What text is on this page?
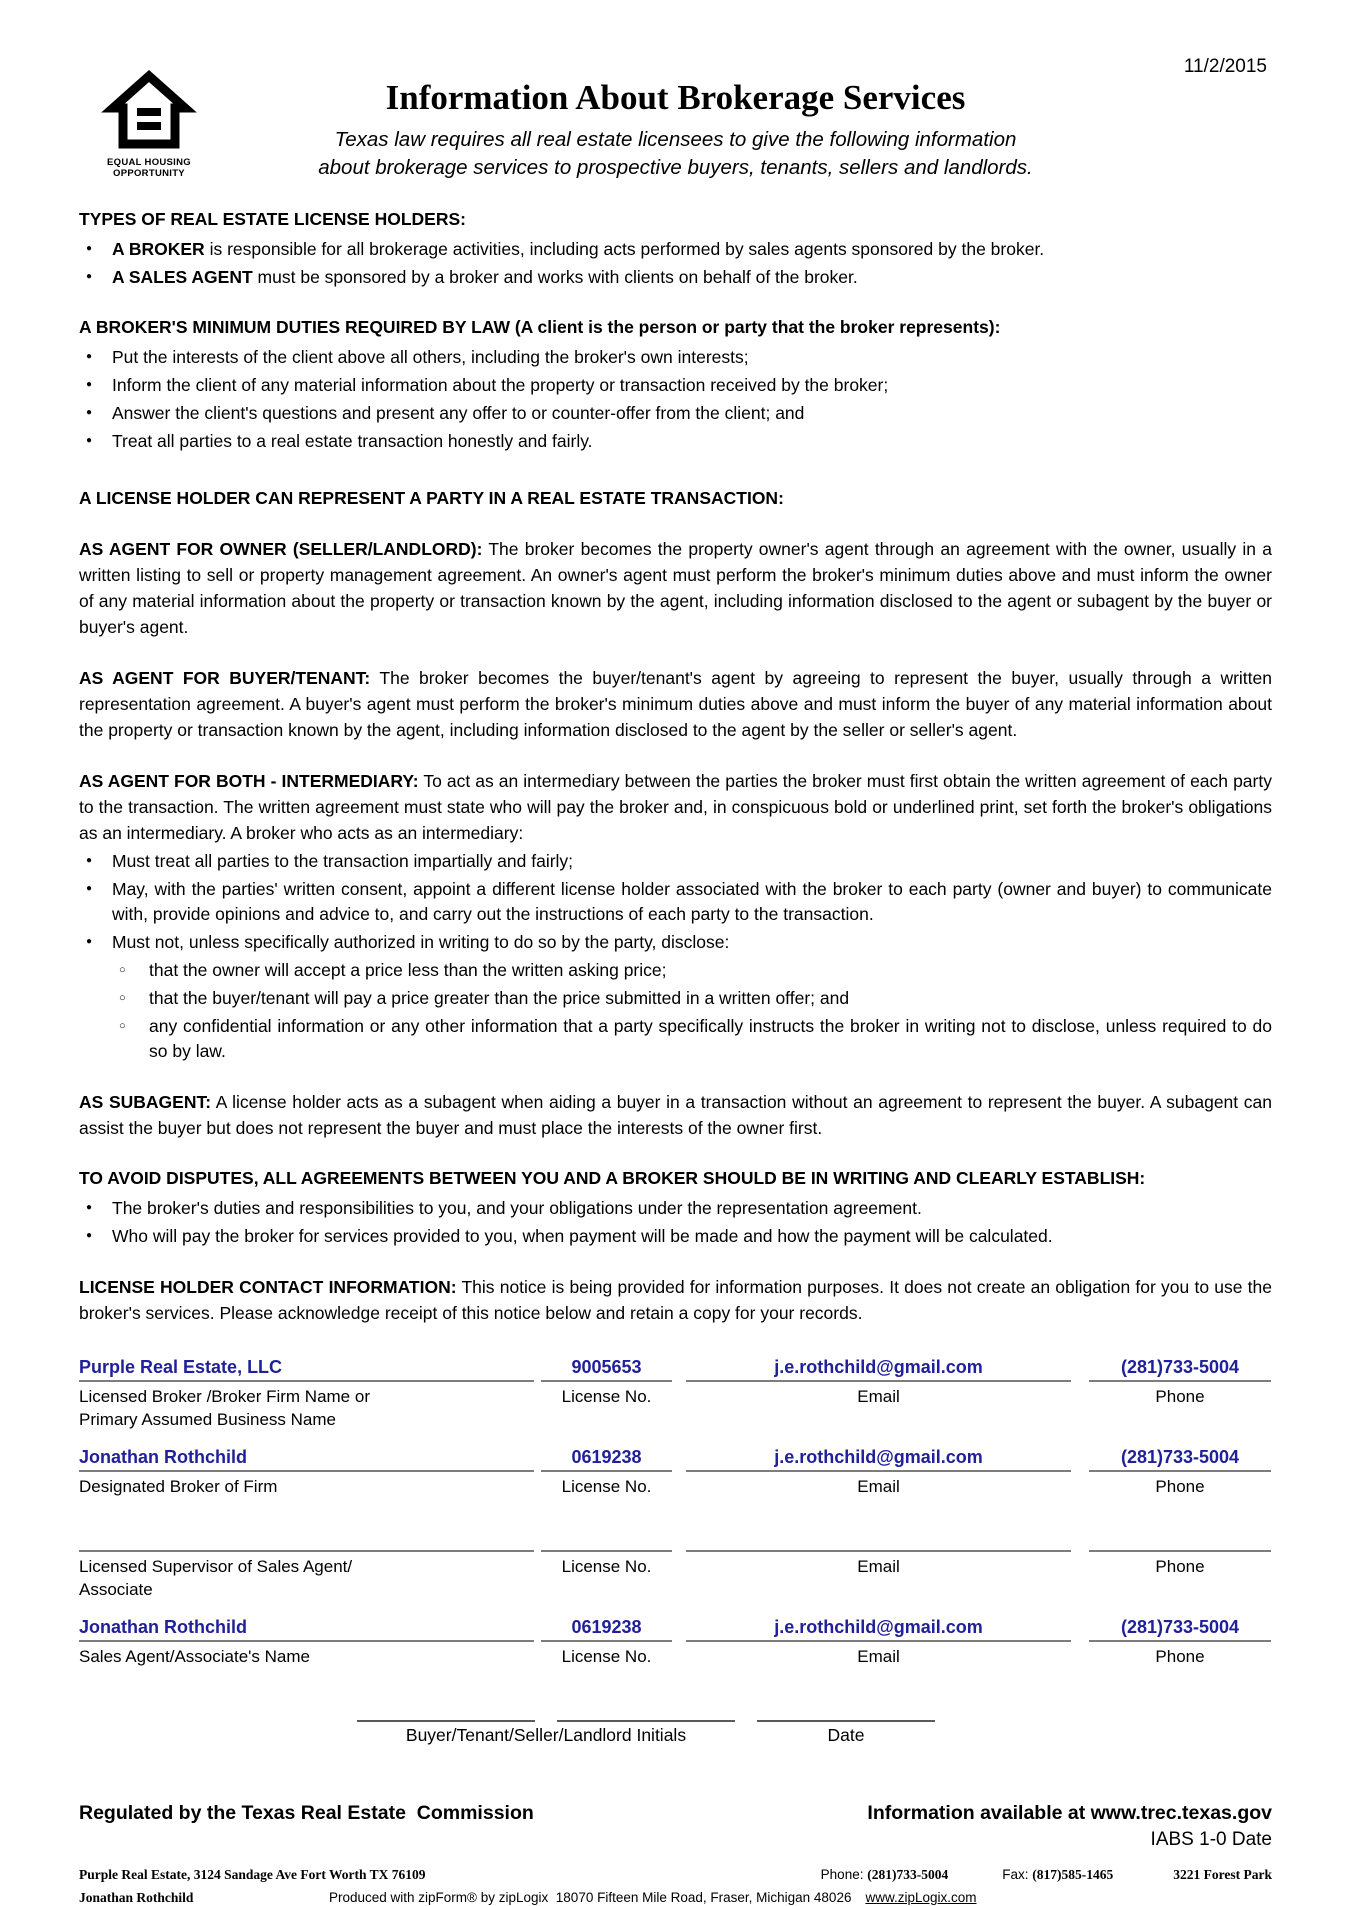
11/2/2015
EQUAL HOUSING
OPPORTUNITY
Information About Brokerage Services

Texas law requires all real estate licensees to give the following information about brokerage services to prospective buyers, tenants, sellers and landlords.

TYPES OF REAL ESTATE LICENSE HOLDERS:
●	A BROKER is responsible for all brokerage activities, including acts performed by sales agents sponsored by the broker.
●	A SALES AGENT must be sponsored by a broker and works with clients on behalf of the broker.
A BROKER'S MINIMUM DUTIES REQUIRED BY LAW (A client is the person or party that the broker represents):
●	Put the interests of the client above all others, including the broker's own interests;
●	Inform the client of any material information about the property or transaction received by the broker;
●	Answer the client's questions and present any offer to or counter-offer from the client; and
●	Treat all parties to a real estate transaction honestly and fairly.
A LICENSE HOLDER CAN REPRESENT A PARTY IN A REAL ESTATE TRANSACTION:

AS AGENT FOR OWNER (SELLER/LANDLORD): The broker becomes the property owner's agent through an agreement with the owner, usually in a written listing to sell or property management agreement. An owner's agent must perform the broker's minimum duties above and must inform the owner of any material information about the property or transaction known by the agent, including information disclosed to the agent or subagent by the buyer or buyer's agent.

AS AGENT FOR BUYER/TENANT: The broker becomes the buyer/tenant's agent by agreeing to represent the buyer, usually through a written representation agreement. A buyer's agent must perform the broker's minimum duties above and must inform the buyer of any material information about the property or transaction known by the agent, including information disclosed to the agent by the seller or seller's agent.

AS AGENT FOR BOTH - INTERMEDIARY: To act as an intermediary between the parties the broker must first obtain the written agreement of each party to the transaction. The written agreement must state who will pay the broker and, in conspicuous bold or underlined print, set forth the broker's obligations as an intermediary. A broker who acts as an intermediary:

●	Must treat all parties to the transaction impartially and fairly;
●	May, with the parties' written consent, appoint a different license holder associated with the broker to each party (owner and buyer) to communicate with, provide opinions and advice to, and carry out the instructions of each party to the transaction.
●	Must not, unless specifically authorized in writing to do so by the party, disclose:
○	that the owner will accept a price less than the written asking price;
○	that the buyer/tenant will pay a price greater than the price submitted in a written offer; and
○	any confidential information or any other information that a party specifically instructs the broker in writing not to disclose, unless required to do so by law.

AS SUBAGENT: A license holder acts as a subagent when aiding a buyer in a transaction without an agreement to represent the buyer. A subagent can assist the buyer but does not represent the buyer and must place the interests of the owner first.

TO AVOID DISPUTES, ALL AGREEMENTS BETWEEN YOU AND A BROKER SHOULD BE IN WRITING AND CLEARLY ESTABLISH:
●	The broker's duties and responsibilities to you, and your obligations under the representation agreement.
●	Who will pay the broker for services provided to you, when payment will be made and how the payment will be calculated.

LICENSE HOLDER CONTACT INFORMATION: This notice is being provided for information purposes. It does not create an obligation for you to use the broker's services. Please acknowledge receipt of this notice below and retain a copy for your records.

Purple Real Estate, LLC	9005653	j.e.rothchild@gmail.com	(281)733-5004
Licensed Broker /Broker Firm Name or Primary Assumed Business Name
License No.	Email	Phone
Jonathan Rothchild	0619238	j.e.rothchild@gmail.com	(281)733-5004
Designated Broker of Firm	License No.	Email	Phone
Licensed Supervisor of Sales Agent/ Associate
License No.	Email	Phone
Jonathan Rothchild	0619238	j.e.rothchild@gmail.com	(281)733-5004
Sales Agent/Associate's Name	License No.	Email	Phone
Buyer/Tenant/Seller/Landlord Initials	Date
Regulated by the Texas Real Estate  Commission	Information available at www.trec.texas.gov
IABS 1-0 Date
Purple Real Estate, 3124 Sandage Ave Fort Worth TX 76109	Phone: (281)733-5004	Fax: (817)585-1465	3221 Forest Park
Jonathan Rothchild	Produced with zipForm® by zipLogix  18070 Fifteen Mile Road, Fraser, Michigan 48026 www.zipLogix.com
